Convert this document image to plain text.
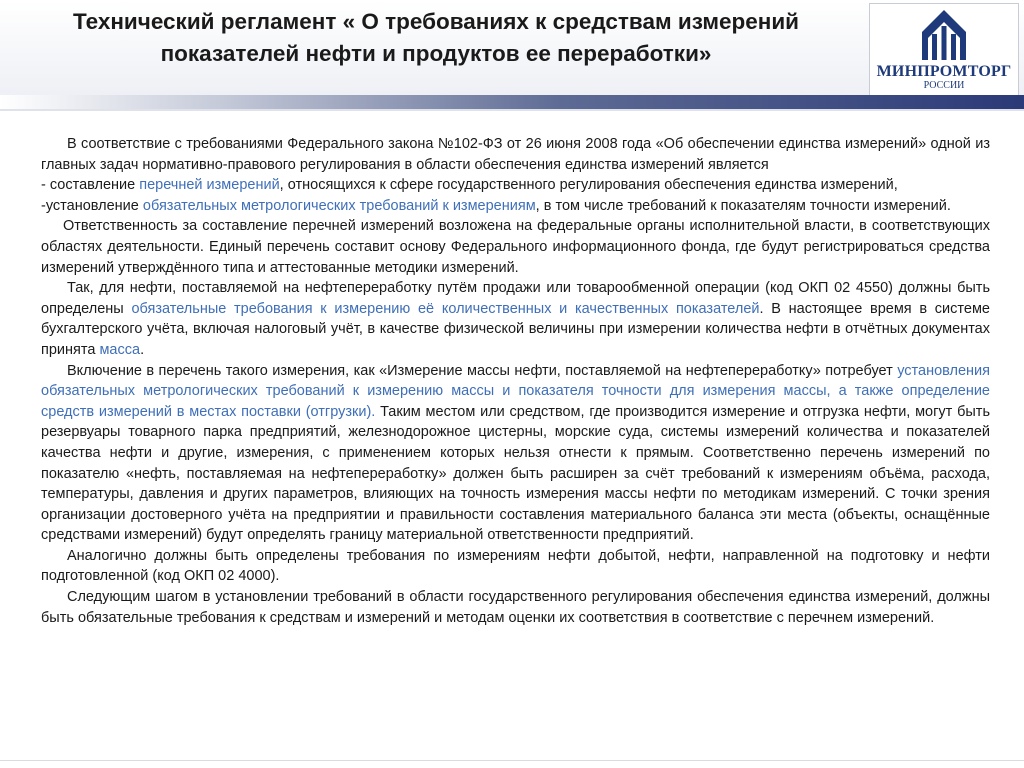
Технический регламент « О требованиях к средствам измерений
показателей нефти и продуктов ее переработки»
МИНПРОМТОРГ
РОССИИ

В соответствие с требованиями Федерального закона №102-ФЗ от 26 июня 2008 года «Об обеспечении единства измерений» одной из главных задач нормативно-правового регулирования в области обеспечения единства измерений является

- составление перечней измерений, относящихся к сфере государственного регулирования обеспечения единства измерений,

-установление обязательных метрологических требований к измерениям, в том числе требований к показателям точности измерений.

Ответственность за составление перечней измерений возложена на федеральные органы исполнительной власти, в соответствующих областях деятельности. Единый перечень составит основу Федерального информационного фонда, где будут регистрироваться средства измерений утверждённого типа и аттестованные методики измерений.

Так, для нефти, поставляемой на нефтепереработку путём продажи или товарообменной операции (код ОКП 02 4550) должны быть определены обязательные требования к измерению её количественных и качественных показателей. В настоящее время в системе бухгалтерского учёта, включая налоговый учёт, в качестве физической величины при измерении количества нефти в отчётных документах принята масса.

Включение в перечень такого измерения, как «Измерение массы нефти, поставляемой на нефтепереработку» потребует установления обязательных метрологических требований к измерению массы и показателя точности для измерения массы, а также определение средств измерений в местах поставки (отгрузки). Таким местом или средством, где производится измерение и отгрузка нефти, могут быть резервуары товарного парка предприятий, железнодорожное цистерны, морские суда, системы измерений количества и показателей качества нефти и другие, измерения, с применением которых нельзя отнести к прямым. Соответственно перечень измерений по показателю «нефть, поставляемая на нефтепереработку» должен быть расширен за счёт требований к измерениям объёма, расхода, температуры, давления и других параметров, влияющих на точность измерения массы нефти по методикам измерений. С точки зрения организации достоверного учёта на предприятии и правильности составления материального баланса эти места (объекты, оснащённые средствами измерений) будут определять границу материальной ответственности предприятий.

Аналогично должны быть определены требования по измерениям нефти добытой, нефти, направленной на подготовку и нефти подготовленной (код ОКП 02 4000).

Следующим шагом в установлении требований в области государственного регулирования обеспечения единства измерений, должны быть обязательные требования к средствам и измерений и методам оценки их соответствия в соответствие с перечнем измерений.
